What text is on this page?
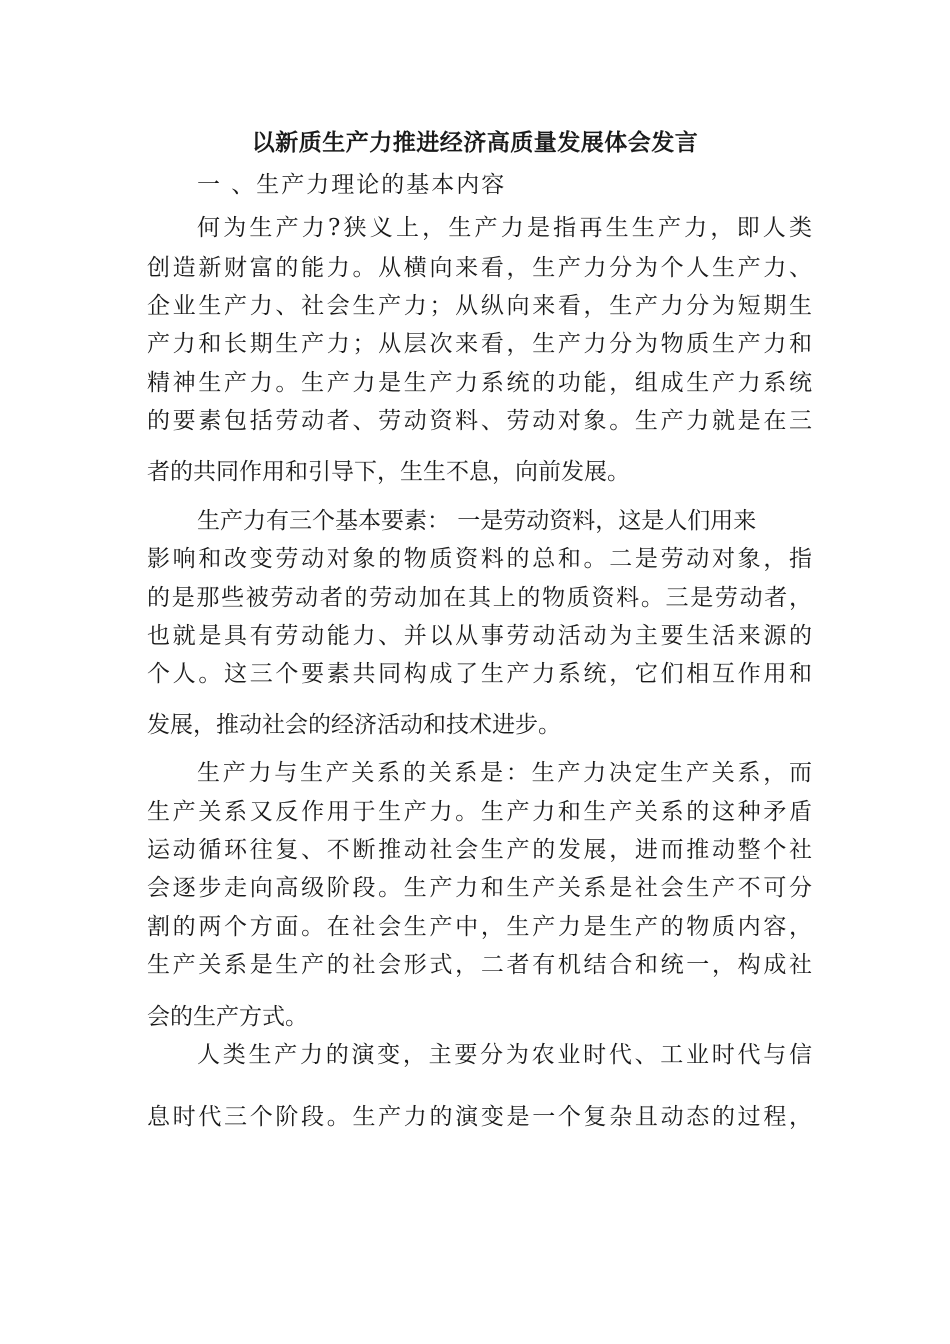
以新质生产力推进经济高质量发展体会发言
一 、生产力理论的基本内容
何为生产力?狭义上，生产力是指再生生产力，即人类
创造新财富的能力。从横向来看，生产力分为个人生产力、
企业生产力、社会生产力；从纵向来看，生产力分为短期生
产力和长期生产力；从层次来看，生产力分为物质生产力和
精神生产力。生产力是生产力系统的功能，组成生产力系统
的要素包括劳动者、劳动资料、劳动对象。生产力就是在三
者的共同作用和引导下，生生不息，向前发展。
生产力有三个基本要素： 一是劳动资料，这是人们用来
影响和改变劳动对象的物质资料的总和。二是劳动对象，指
的是那些被劳动者的劳动加在其上的物质资料。三是劳动者，
也就是具有劳动能力、并以从事劳动活动为主要生活来源的
个人。这三个要素共同构成了生产力系统，它们相互作用和
发展，推动社会的经济活动和技术进步。
生产力与生产关系的关系是：生产力决定生产关系，而
生产关系又反作用于生产力。生产力和生产关系的这种矛盾
运动循环往复、不断推动社会生产的发展，进而推动整个社
会逐步走向高级阶段。生产力和生产关系是社会生产不可分
割的两个方面。在社会生产中，生产力是生产的物质内容，
生产关系是生产的社会形式，二者有机结合和统一，构成社
会的生产方式。
人类生产力的演变，主要分为农业时代、工业时代与信
息时代三个阶段。生产力的演变是一个复杂且动态的过程，
